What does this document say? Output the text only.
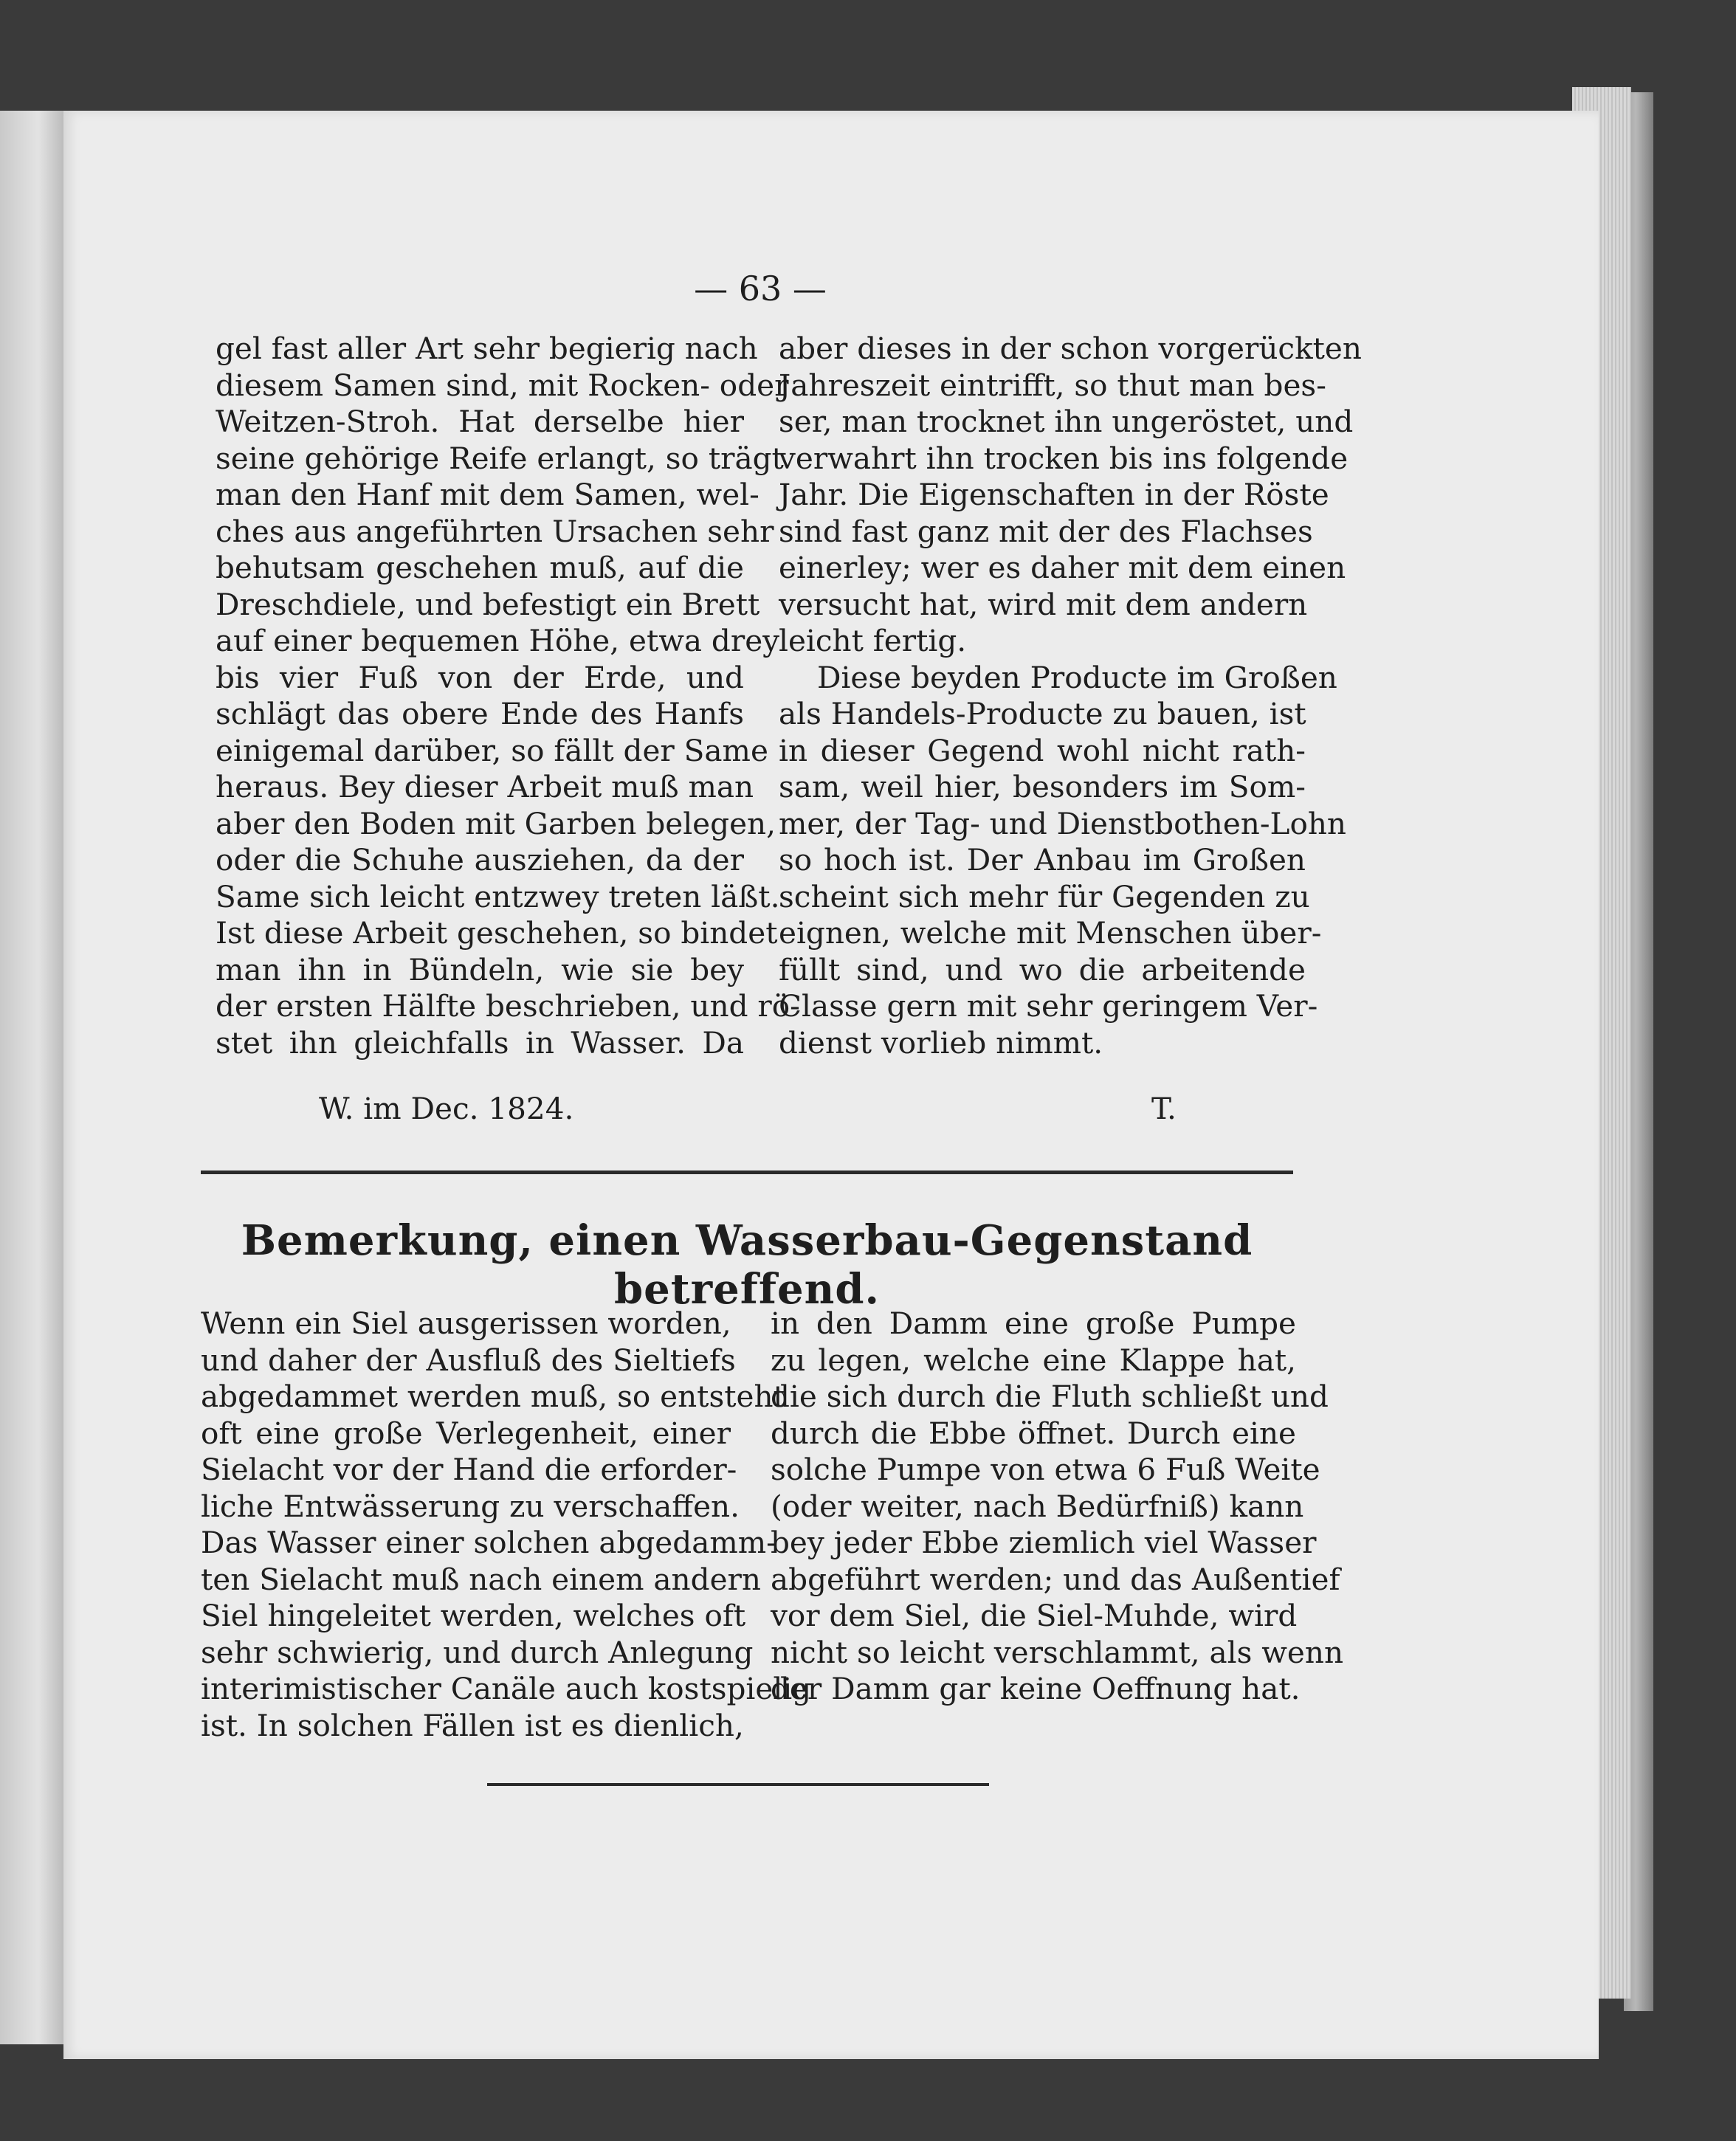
— 63 —
gel fast aller Art sehr begierig nach
diesem Samen sind, mit Rocken- oder
Weitzen-Stroh. Hat derselbe hier
seine gehörige Reife erlangt, so trägt
man den Hanf mit dem Samen, wel-
ches aus angeführten Ursachen sehr
behutsam geschehen muß, auf die
Dreschdiele, und befestigt ein Brett
auf einer bequemen Höhe, etwa drey
bis vier Fuß von der Erde, und
schlägt das obere Ende des Hanfs
einigemal darüber, so fällt der Same
heraus. Bey dieser Arbeit muß man
aber den Boden mit Garben belegen,
oder die Schuhe ausziehen, da der
Same sich leicht entzwey treten läßt.
Ist diese Arbeit geschehen, so bindet
man ihn in Bündeln, wie sie bey
der ersten Hälfte beschrieben, und rö-
stet ihn gleichfalls in Wasser. Da
aber dieses in der schon vorgerückten
Jahreszeit eintrifft, so thut man bes-
ser, man trocknet ihn ungeröstet, und
verwahrt ihn trocken bis ins folgende
Jahr. Die Eigenschaften in der Röste
sind fast ganz mit der des Flachses
einerley; wer es daher mit dem einen
versucht hat, wird mit dem andern
leicht fertig.
Diese beyden Producte im Großen
als Handels-Producte zu bauen, ist
in dieser Gegend wohl nicht rath-
sam, weil hier, besonders im Som-
mer, der Tag- und Dienstbothen-Lohn
so hoch ist. Der Anbau im Großen
scheint sich mehr für Gegenden zu
eignen, welche mit Menschen über-
füllt sind, und wo die arbeitende
Classe gern mit sehr geringem Ver-
dienst vorlieb nimmt.
W. im Dec. 1824.	T.
Bemerkung, einen Wasserbau-Gegenstand betreffend.
Wenn ein Siel ausgerissen worden,
und daher der Ausfluß des Sieltiefs
abgedammet werden muß, so entsteht
oft eine große Verlegenheit, einer
Sielacht vor der Hand die erforder-
liche Entwässerung zu verschaffen.
Das Wasser einer solchen abgedamm-
ten Sielacht muß nach einem andern
Siel hingeleitet werden, welches oft
sehr schwierig, und durch Anlegung
interimistischer Canäle auch kostspielig
ist. In solchen Fällen ist es dienlich,
in den Damm eine große Pumpe
zu legen, welche eine Klappe hat,
die sich durch die Fluth schließt und
durch die Ebbe öffnet. Durch eine
solche Pumpe von etwa 6 Fuß Weite
(oder weiter, nach Bedürfniß) kann
bey jeder Ebbe ziemlich viel Wasser
abgeführt werden; und das Außentief
vor dem Siel, die Siel-Muhde, wird
nicht so leicht verschlammt, als wenn
der Damm gar keine Oeffnung hat.
